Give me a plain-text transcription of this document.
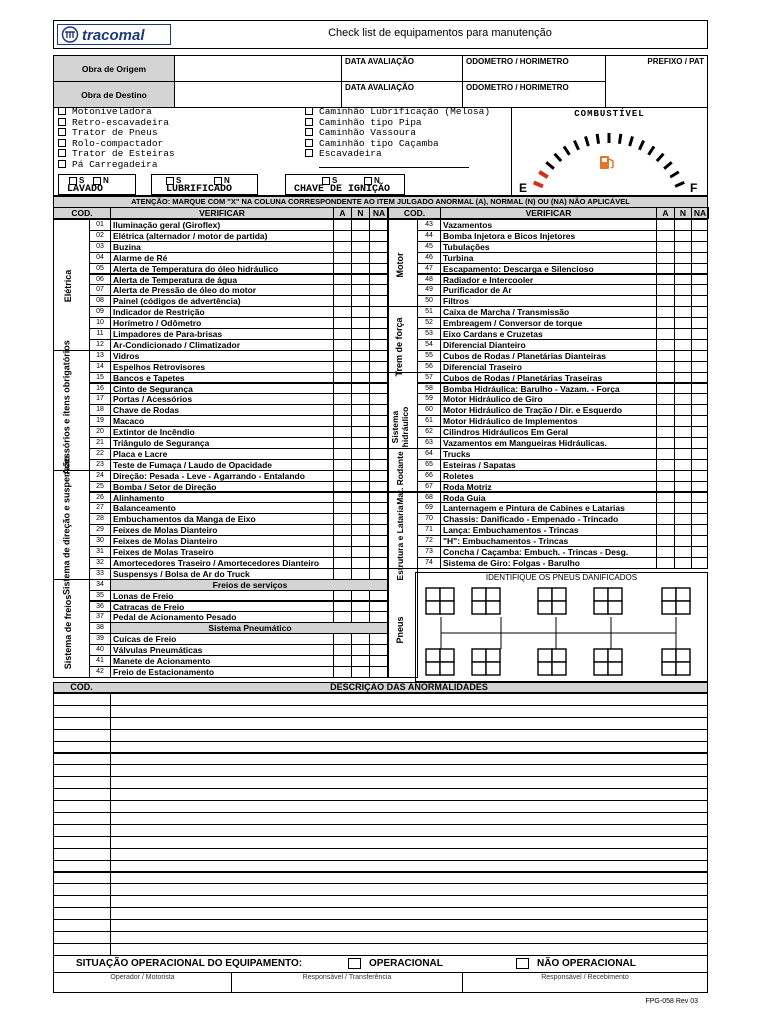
tracomal	Check list de equipamentos para manutenção
Obra de Origem
Obra de Destino
DATA AVALIAÇÃO
DATA AVALIAÇÃO
ODOMETRO / HORIMETRO
ODOMETRO / HORIMETRO
PREFIXO / PAT
Motoniveladora
Retro-escavadeira
Trator de Pneus
Rolo-compactador
Trator de Esteiras
Pá Carregadeira
Caminhão Lubrificação (Melosa)
Caminhão tipo Pipa
Caminhão Vassoura
Caminhão tipo Caçamba
Escavadeira
COMBUSTÍVEL
E	F
S	N
LAVADO
S	N
LUBRIFICADO
S	N
CHAVE DE IGNIÇÃO
ATENÇÃO: MARQUE COM "X" NA COLUNA CORRESPONDENTE AO ITEM JULGADO ANORMAL (A), NORMAL (N) OU (NA) NÃO APLICÁVEL
COD.	VERIFICAR	A	N	NA	COD.	VERIFICAR	A	N NA
01	Iluminação geral (Giroflex)
02	Elétrica (alternador / motor de partida)
03	Buzina
04	Alarme de Ré
05	Alerta de Temperatura do óleo hidráulico
06	Alerta de Temperatura de água
07	Alerta de Pressão de óleo do motor
08	Painel (códigos de advertência)
09	Indicador de Restrição
10	Horímetro / Odômetro
11	Limpadores de Para-brisas
12	Ar-Condicionado / Climatizador
13	Vidros
14	Espelhos Retrovisores
15	Bancos e Tapetes
16	Cinto de Segurança
17	Portas / Acessórios
18	Chave de Rodas
19	Macaco
20	Extintor de Incêndio
21	Triângulo de Segurança
22	Placa e Lacre
23	Teste de Fumaça / Laudo de Opacidade
24	Direção: Pesada - Leve - Agarrando - Entalando
25	Bomba / Setor de Direção
26	Alinhamento
27	Balanceamento
28	Embuchamentos da Manga de Eixo
29	Feixes de Molas Dianteiro
30	Feixes de Molas Dianteiro
31	Feixes de Molas Traseiro
32	Amortecedores Traseiro / Amortecedores Dianteiro
33	Suspensys / Bolsa de Ar do Truck
34	Freios de serviços
35	Lonas de Freio
36	Catracas de Freio
37	Pedal de Acionamento Pesado
38	Sistema Pneumático
39	Cuícas de Freio
40	Válvulas Pneumáticas
41	Manete de Acionamento
42	Freio de Estacionamento
43	Vazamentos
44	Bomba Injetora e Bicos Injetores
45	Tubulações
46	Turbina
47	Escapamento: Descarga e Silencioso
48	Radiador e Intercooler
49	Purificador de Ar
50	Filtros
51	Caixa de Marcha / Transmissão
52	Embreagem / Conversor de torque
53	Eixo Cardans e Cruzetas
54	Diferencial Dianteiro
55	Cubos de Rodas / Planetárias Dianteiras
56	Diferencial Traseiro
57	Cubos de Rodas / Planetárias Traseiras
58	Bomba Hidráulica: Barulho - Vazam. - Força
59	Motor Hidráulico de Giro
60	Motor Hidráulico de Tração / Dir. e Esquerdo
61	Motor Hidráulico de Implementos
62	Cilindros Hidráulicos Em Geral
63	Vazamentos em Mangueiras Hidráulicas.
64	Trucks
65	Esteiras / Sapatas
66	Roletes
67	Roda Motriz
68	Roda Guia
69	Lanternagem e Pintura de Cabines e Latarias
70	Chassis: Danificado - Empenado - Trincado
71	Lança: Embuchamentos - Trincas
72	"H": Embuchamentos - Trincas
73	Concha / Caçamba: Embuch. - Trincas - Desg.
74	Sistema de Giro: Folgas - Barulho
Elétrica
Acessórios e itens obrigatórios
Sistema de direção e suspensão
Sistema de freios
Motor
Trem de força
Sistema hidráulico
Mat. Rodante
Estrutura e Lataria
Pneus
IDENTIFIQUE OS PNEUS DANIFICADOS
COD.	DESCRIÇÃO DAS ANORMALIDADES
SITUAÇÃO OPERACIONAL DO EQUIPAMENTO:	OPERACIONAL	NÃO OPERACIONAL
Operador / Motorista	Responsável / Transferência	Responsável / Recebimento
FPG-058 Rev 03
